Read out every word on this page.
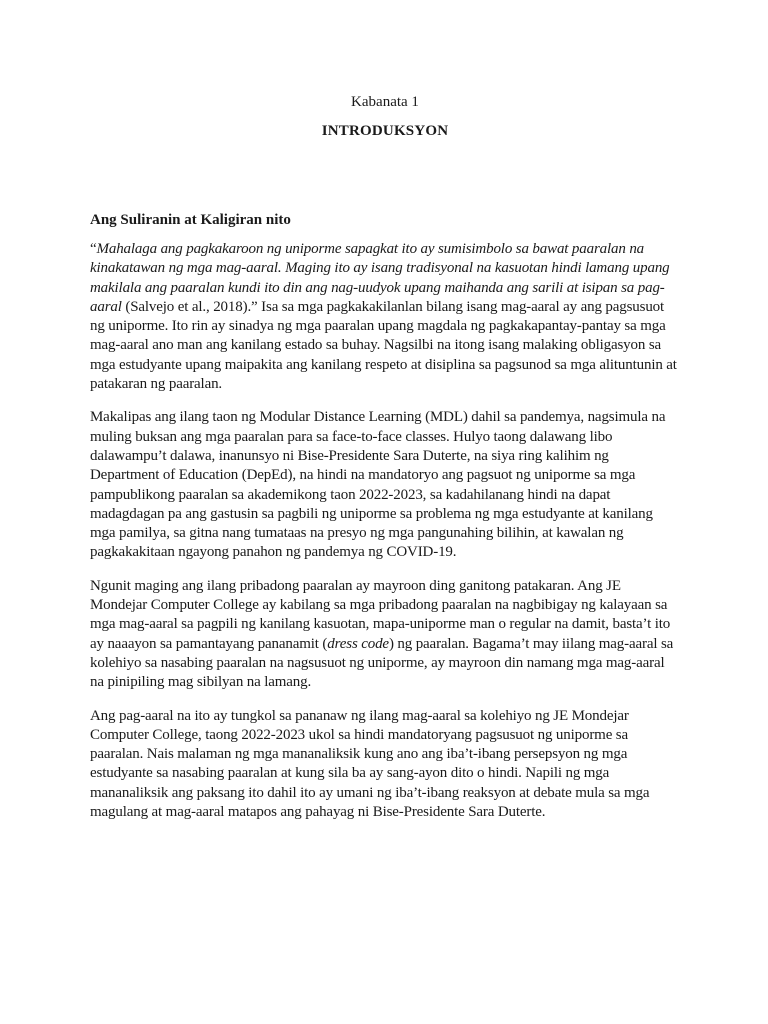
Kabanata 1

INTRODUKSYON

Ang Suliranin at Kaligiran nito

“Mahalaga ang pagkakaroon ng uniporme sapagkat ito ay sumisimbolo sa bawat paaralan na kinakatawan ng mga mag-aaral. Maging ito ay isang tradisyonal na kasuotan hindi lamang upang makilala ang paaralan kundi ito din ang nag-uudyok upang maihanda ang sarili at isipan sa pag-aaral (Salvejo et al., 2018).” Isa sa mga pagkakakilanlan bilang isang mag-aaral ay ang pagsusuot ng uniporme. Ito rin ay sinadya ng mga paaralan upang magdala ng pagkakapantay-pantay sa mga mag-aaral ano man ang kanilang estado sa buhay. Nagsilbi na itong isang malaking obligasyon sa mga estudyante upang maipakita ang kanilang respeto at disiplina sa pagsunod sa mga alituntunin at patakaran ng paaralan.

Makalipas ang ilang taon ng Modular Distance Learning (MDL) dahil sa pandemya, nagsimula na muling buksan ang mga paaralan para sa face-to-face classes. Hulyo taong dalawang libo dalawampu’t dalawa, inanunsyo ni Bise-Presidente Sara Duterte, na siya ring kalihim ng Department of Education (DepEd), na hindi na mandatoryo ang pagsuot ng uniporme sa mga pampublikong paaralan sa akademikong taon 2022-2023, sa kadahilanang hindi na dapat madagdagan pa ang gastusin sa pagbili ng uniporme sa problema ng mga estudyante at kanilang mga pamilya, sa gitna nang tumataas na presyo ng mga pangunahing bilihin, at kawalan ng pagkakakitaan ngayong panahon ng pandemya ng COVID-19.

Ngunit maging ang ilang pribadong paaralan ay mayroon ding ganitong patakaran. Ang JE Mondejar Computer College ay kabilang sa mga pribadong paaralan na nagbibigay ng kalayaan sa mga mag-aaral sa pagpili ng kanilang kasuotan, mapa-uniporme man o regular na damit, basta’t ito ay naaayon sa pamantayang pananamit (dress code) ng paaralan. Bagama’t may iilang mag-aaral sa kolehiyo sa nasabing paaralan na nagsusuot ng uniporme, ay mayroon din namang mga mag-aaral na pinipiling mag sibilyan na lamang.

Ang pag-aaral na ito ay tungkol sa pananaw ng ilang mag-aaral sa kolehiyo ng JE Mondejar Computer College, taong 2022-2023 ukol sa hindi mandatoryang pagsusuot ng uniporme sa paaralan. Nais malaman ng mga mananaliksik kung ano ang iba’t-ibang persepsyon ng mga estudyante sa nasabing paaralan at kung sila ba ay sang-ayon dito o hindi. Napili ng mga mananaliksik ang paksang ito dahil ito ay umani ng iba’t-ibang reaksyon at debate mula sa mga magulang at mag-aaral matapos ang pahayag ni Bise-Presidente Sara Duterte.
